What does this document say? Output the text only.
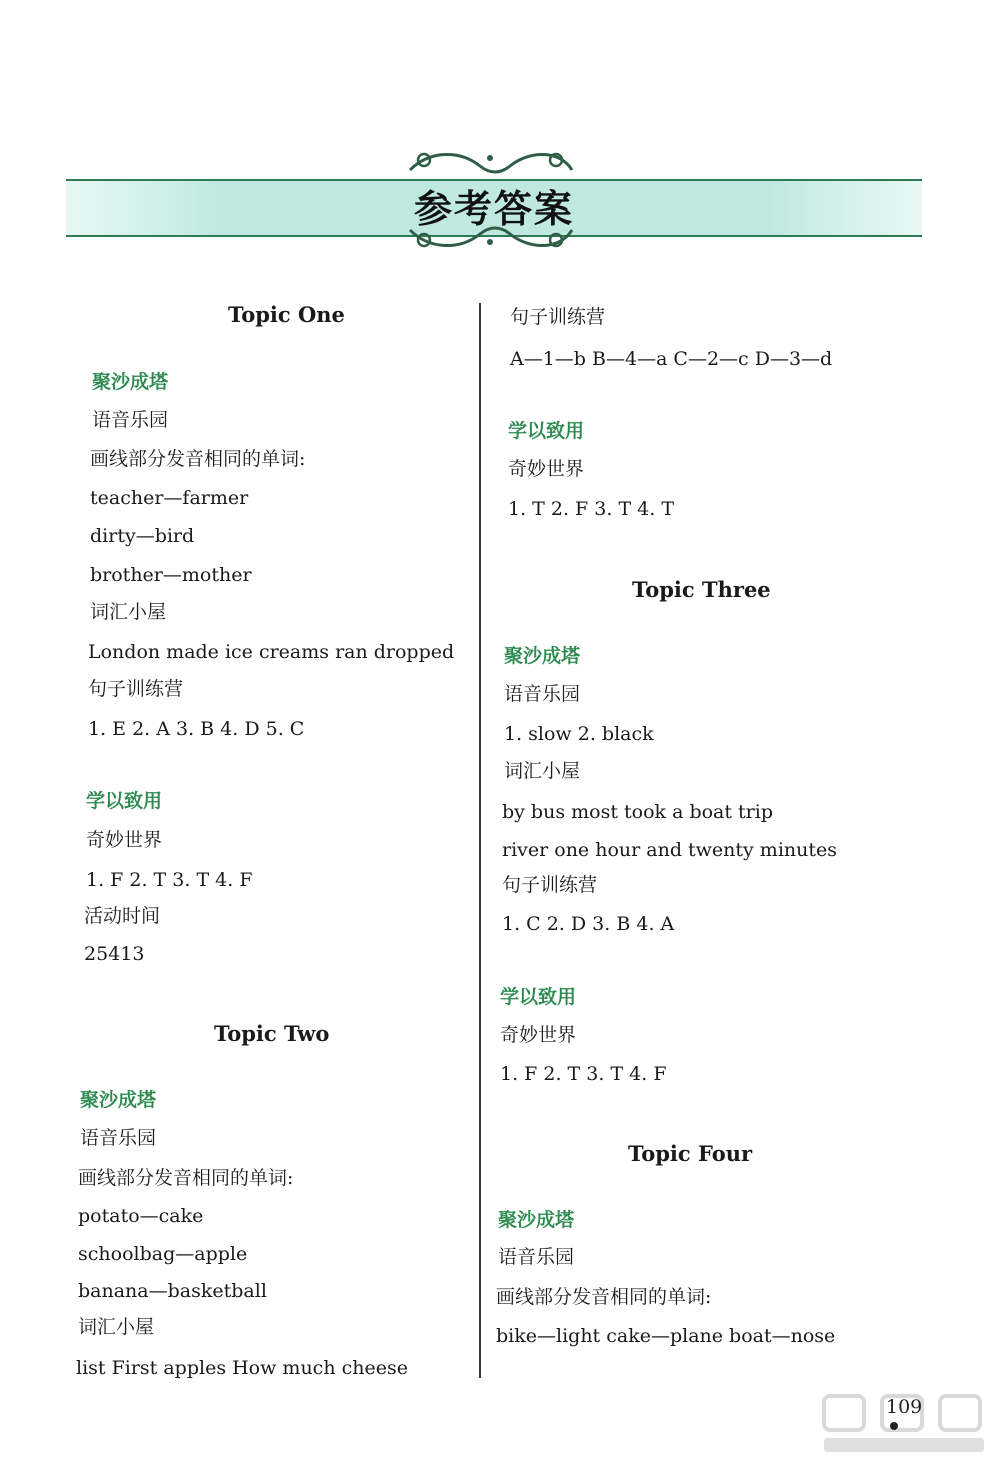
参考答案
Topic One
聚沙成塔
语音乐园
画线部分发音相同的单词:
teacher—farmer
dirty—bird
brother—mother
词汇小屋
London made ice creams ran dropped
句子训练营
1. E 2. A 3. B 4. D 5. C
学以致用
奇妙世界
1. F 2. T 3. T 4. F
活动时间
25413
Topic Two
聚沙成塔
语音乐园
画线部分发音相同的单词:
potato—cake
schoolbag—apple
banana—basketball
词汇小屋
list First apples How much cheese
句子训练营
A—1—b B—4—a C—2—c D—3—d
学以致用
奇妙世界
1. T 2. F 3. T 4. T
Topic Three
聚沙成塔
语音乐园
1. slow 2. black
词汇小屋
by bus most took a boat trip
river one hour and twenty minutes
句子训练营
1. C 2. D 3. B 4. A
学以致用
奇妙世界
1. F 2. T 3. T 4. F
Topic Four
聚沙成塔
语音乐园
画线部分发音相同的单词:
bike—light cake—plane boat—nose
109
